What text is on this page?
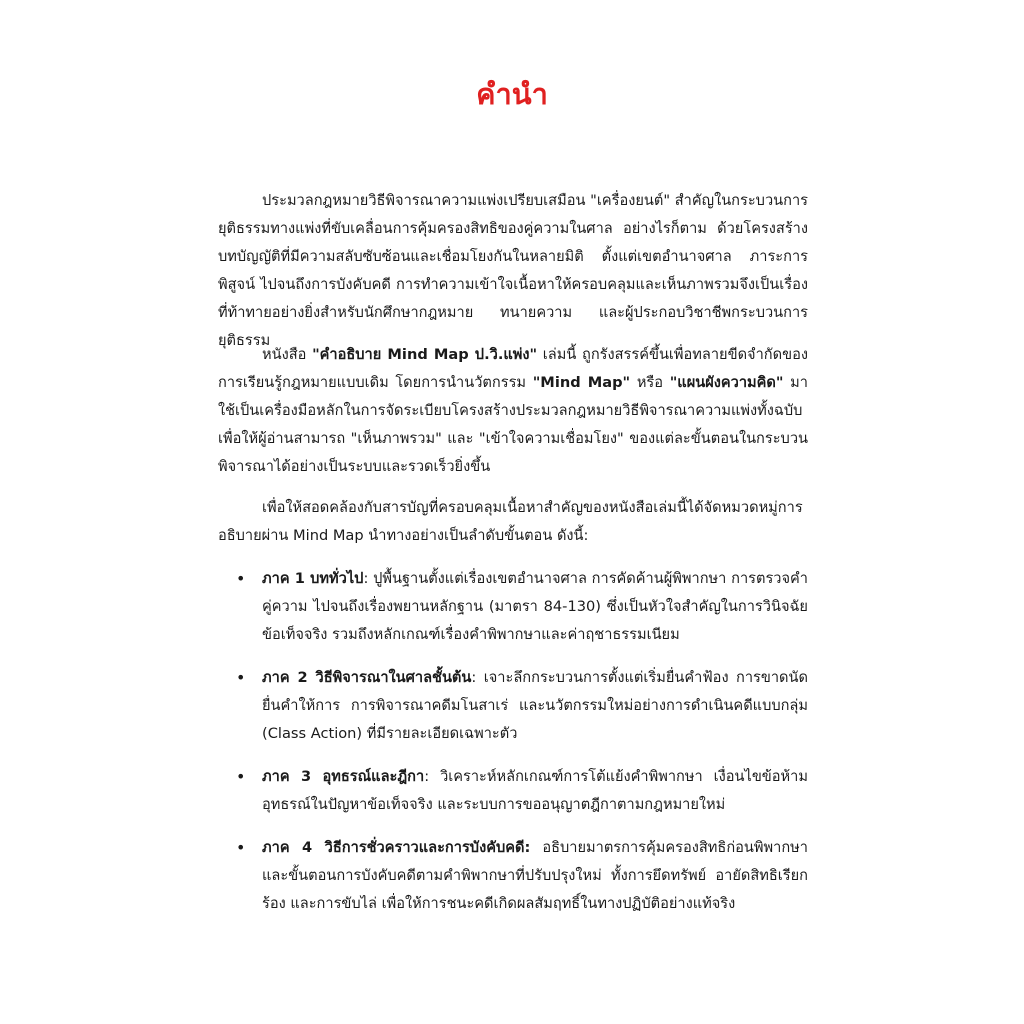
คำนำ

ประมวลกฎหมายวิธีพิจารณาความแพ่งเปรียบเสมือน "เครื่องยนต์" สำคัญในกระบวนการยุติธรรมทางแพ่งที่ขับเคลื่อนการคุ้มครองสิทธิของคู่ความในศาล อย่างไรก็ตาม ด้วยโครงสร้างบทบัญญัติที่มีความสลับซับซ้อนและเชื่อมโยงกันในหลายมิติ ตั้งแต่เขตอำนาจศาล ภาระการพิสูจน์ ไปจนถึงการบังคับคดี การทำความเข้าใจเนื้อหาให้ครอบคลุมและเห็นภาพรวมจึงเป็นเรื่องที่ท้าทายอย่างยิ่งสำหรับนักศึกษากฎหมาย ทนายความ และผู้ประกอบวิชาชีพกระบวนการยุติธรรม

หนังสือ "คำอธิบาย Mind Map ป.วิ.แพ่ง" เล่มนี้ ถูกรังสรรค์ขึ้นเพื่อทลายขีดจำกัดของการเรียนรู้กฎหมายแบบเดิม โดยการนำนวัตกรรม "Mind Map" หรือ "แผนผังความคิด" มาใช้เป็นเครื่องมือหลักในการจัดระเบียบโครงสร้างประมวลกฎหมายวิธีพิจารณาความแพ่งทั้งฉบับ เพื่อให้ผู้อ่านสามารถ "เห็นภาพรวม" และ "เข้าใจความเชื่อมโยง" ของแต่ละขั้นตอนในกระบวนพิจารณาได้อย่างเป็นระบบและรวดเร็วยิ่งขึ้น

เพื่อให้สอดคล้องกับสารบัญที่ครอบคลุมเนื้อหาสำคัญของหนังสือเล่มนี้ได้จัดหมวดหมู่การอธิบายผ่าน Mind Map นำทางอย่างเป็นลำดับขั้นตอน ดังนี้:

• ภาค 1 บททั่วไป: ปูพื้นฐานตั้งแต่เรื่องเขตอำนาจศาล การคัดค้านผู้พิพากษา การตรวจคำคู่ความ ไปจนถึงเรื่องพยานหลักฐาน (มาตรา 84-130) ซึ่งเป็นหัวใจสำคัญในการวินิจฉัยข้อเท็จจริง รวมถึงหลักเกณฑ์เรื่องคำพิพากษาและค่าฤชาธรรมเนียม
• ภาค 2 วิธีพิจารณาในศาลชั้นต้น: เจาะลึกกระบวนการตั้งแต่เริ่มยื่นคำฟ้อง การขาดนัดยื่นคำให้การ การพิจารณาคดีมโนสาเร่ และนวัตกรรมใหม่อย่างการดำเนินคดีแบบกลุ่ม (Class Action) ที่มีรายละเอียดเฉพาะตัว
• ภาค 3 อุทธรณ์และฎีกา: วิเคราะห์หลักเกณฑ์การโต้แย้งคำพิพากษา เงื่อนไขข้อห้ามอุทธรณ์ในปัญหาข้อเท็จจริง และระบบการขออนุญาตฎีกาตามกฎหมายใหม่
• ภาค 4 วิธีการชั่วคราวและการบังคับคดี: อธิบายมาตรการคุ้มครองสิทธิก่อนพิพากษาและขั้นตอนการบังคับคดีตามคำพิพากษาที่ปรับปรุงใหม่ ทั้งการยึดทรัพย์ อายัดสิทธิเรียกร้อง และการขับไล่ เพื่อให้การชนะคดีเกิดผลสัมฤทธิ์ในทางปฏิบัติอย่างแท้จริง
